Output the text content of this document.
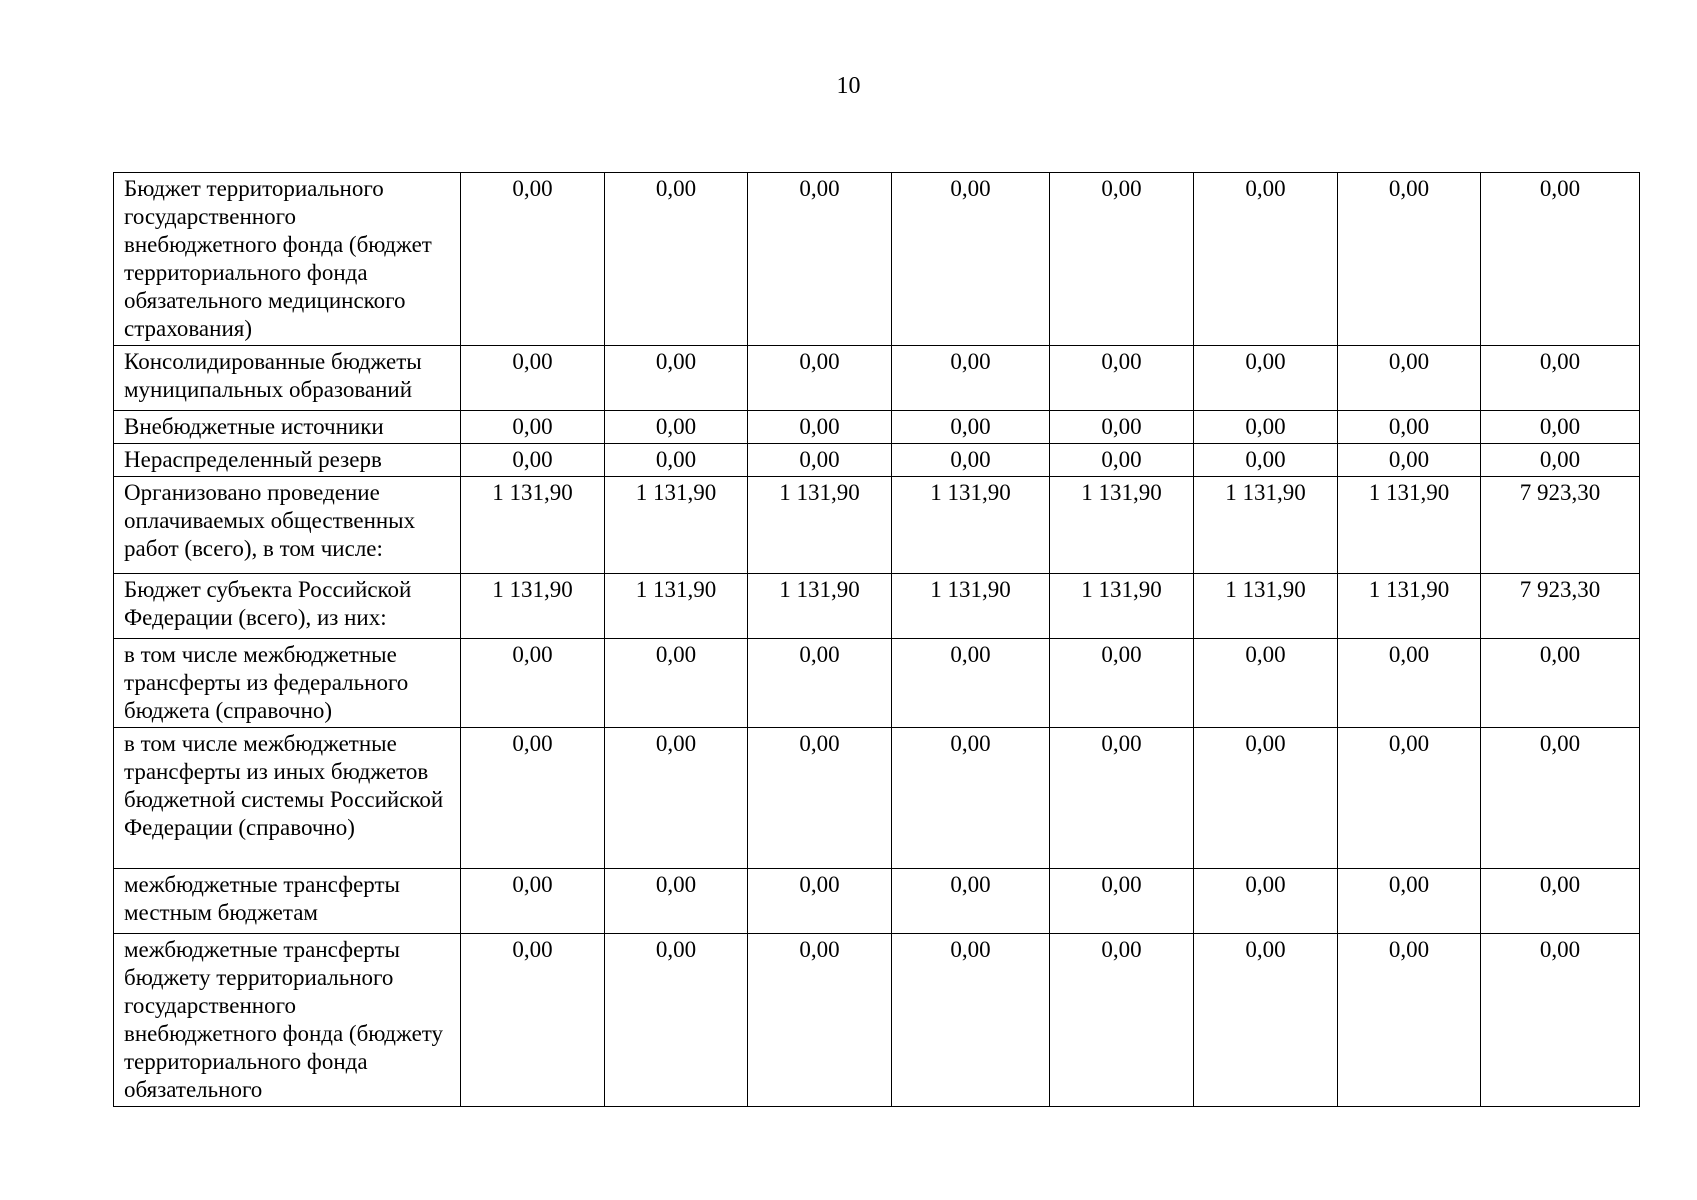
10
Бюджет территориального государственного внебюджетного фонда (бюджет территориального фонда обязательного медицинского страхования)	0,00	0,00	0,00	0,00	0,00	0,00	0,00	0,00
Консолидированные бюджеты муниципальных образований	0,00	0,00	0,00	0,00	0,00	0,00	0,00	0,00
Внебюджетные источники	0,00	0,00	0,00	0,00	0,00	0,00	0,00	0,00
Нераспределенный резерв	0,00	0,00	0,00	0,00	0,00	0,00	0,00	0,00
Организовано проведение оплачиваемых общественных работ (всего), в том числе:	1 131,90	1 131,90	1 131,90	1 131,90	1 131,90	1 131,90	1 131,90	7 923,30
Бюджет субъекта Российской Федерации (всего), из них:	1 131,90	1 131,90	1 131,90	1 131,90	1 131,90	1 131,90	1 131,90	7 923,30
в том числе межбюджетные трансферты из федерального бюджета (справочно)	0,00	0,00	0,00	0,00	0,00	0,00	0,00	0,00
в том числе межбюджетные трансферты из иных бюджетов бюджетной системы Российской Федерации (справочно)	0,00	0,00	0,00	0,00	0,00	0,00	0,00	0,00
межбюджетные трансферты местным бюджетам	0,00	0,00	0,00	0,00	0,00	0,00	0,00	0,00
межбюджетные трансферты бюджету территориального государственного внебюджетного фонда (бюджету территориального фонда обязательного	0,00	0,00	0,00	0,00	0,00	0,00	0,00	0,00
